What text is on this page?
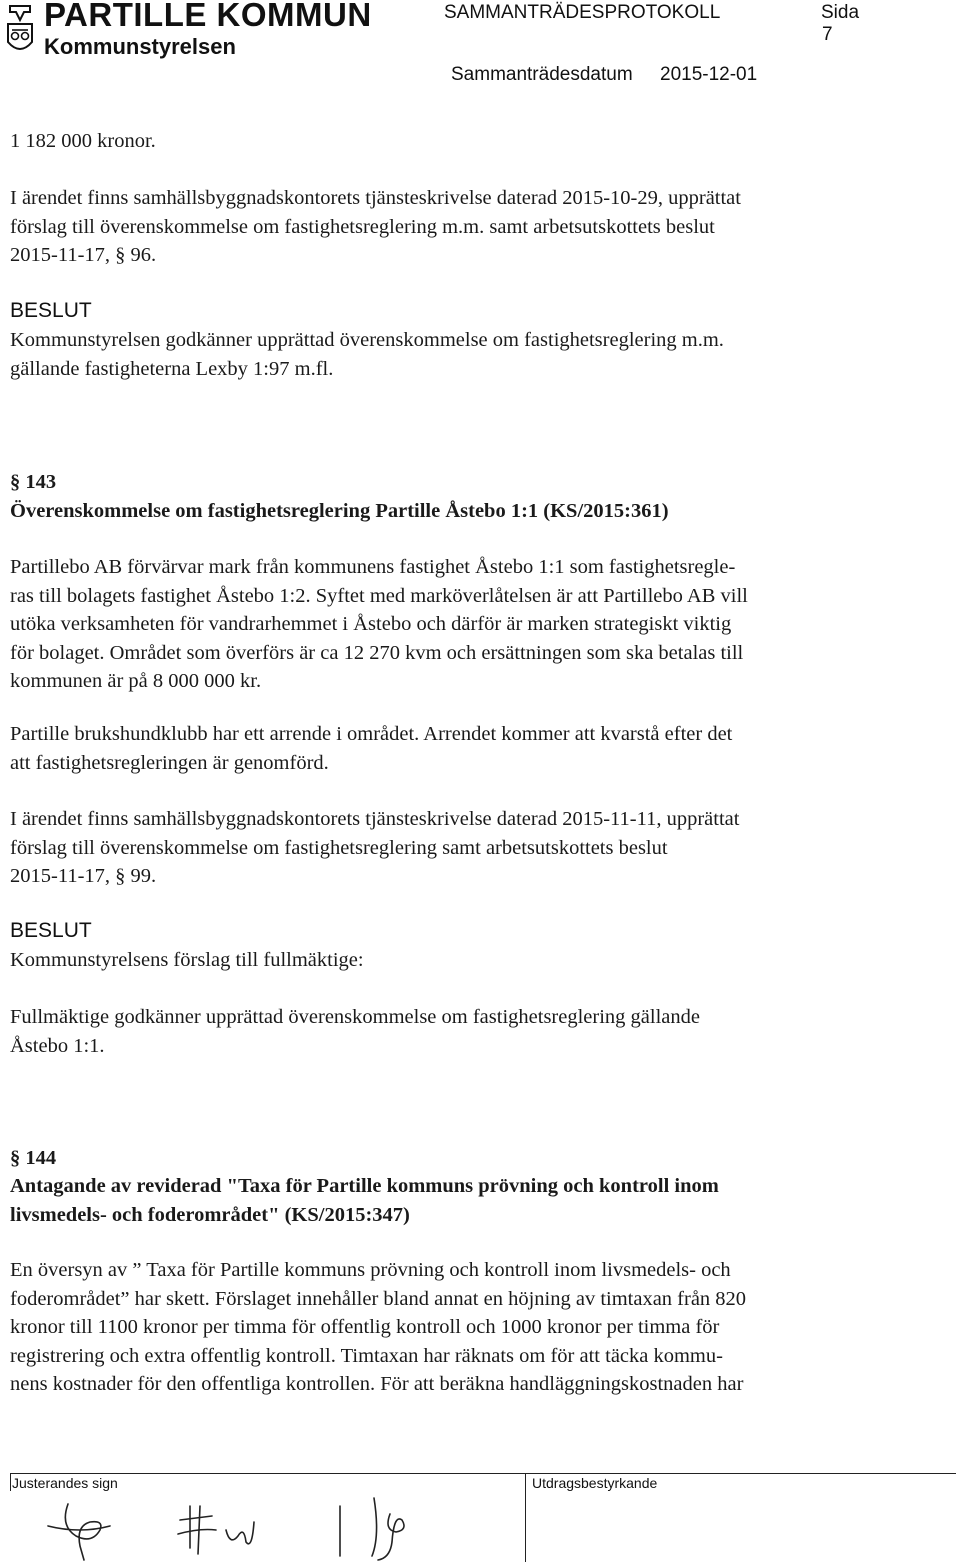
PARTILLE KOMMUN
Kommunstyrelsen
SAMMANTRÄDESPROTOKOLL	Sida
7
Sammanträdesdatum 2015-12-01
1 182 000 kronor.
I ärendet finns samhällsbyggnadskontorets tjänsteskrivelse daterad 2015-10-29, upprättat
förslag till överenskommelse om fastighetsreglering m.m. samt arbetsutskottets beslut
2015-11-17, § 96.
BESLUT
Kommunstyrelsen godkänner upprättad överenskommelse om fastighetsreglering m.m.
gällande fastigheterna Lexby 1:97 m.fl.
§ 143
Överenskommelse om fastighetsreglering Partille Åstebo 1:1 (KS/2015:361)
Partillebo AB förvärvar mark från kommunens fastighet Åstebo 1:1 som fastighetsregle-
ras till bolagets fastighet Åstebo 1:2. Syftet med marköverlåtelsen är att Partillebo AB vill
utöka verksamheten för vandrarhemmet i Åstebo och därför är marken strategiskt viktig
för bolaget. Området som överförs är ca 12 270 kvm och ersättningen som ska betalas till
kommunen är på 8 000 000 kr.
Partille brukshundklubb har ett arrende i området. Arrendet kommer att kvarstå efter det
att fastighetsregleringen är genomförd.
I ärendet finns samhällsbyggnadskontorets tjänsteskrivelse daterad 2015-11-11, upprättat
förslag till överenskommelse om fastighetsreglering samt arbetsutskottets beslut
2015-11-17, § 99.
BESLUT
Kommunstyrelsens förslag till fullmäktige:
Fullmäktige godkänner upprättad överenskommelse om fastighetsreglering gällande
Åstebo 1:1.
§ 144
Antagande av reviderad "Taxa för Partille kommuns prövning och kontroll inom
livsmedels- och foderområdet" (KS/2015:347)
En översyn av ” Taxa för Partille kommuns prövning och kontroll inom livsmedels- och
foderområdet” har skett. Förslaget innehåller bland annat en höjning av timtaxan från 820
kronor till 1100 kronor per timma för offentlig kontroll och 1000 kronor per timma för
registrering och extra offentlig kontroll. Timtaxan har räknats om för att täcka kommu-
nens kostnader för den offentliga kontrollen. För att beräkna handläggningskostnaden har
Justerandes sign	Utdragsbestyrkande
